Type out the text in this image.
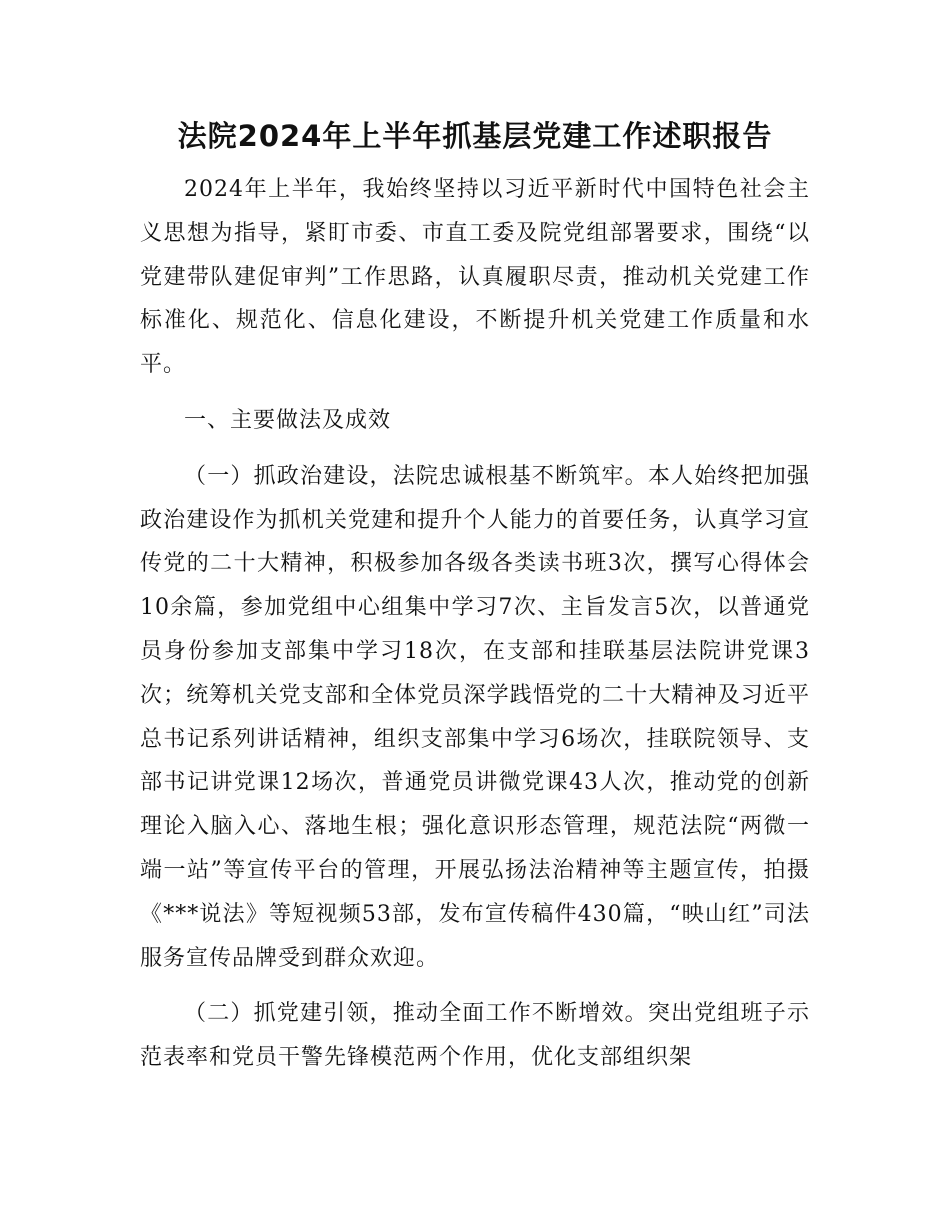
法院2024年上半年抓基层党建工作述职报告

2024年上半年，我始终坚持以习近平新时代中国特色社会主义思想为指导，紧盯市委、市直工委及院党组部署要求，围绕“以党建带队建促审判”工作思路，认真履职尽责，推动机关党建工作标准化、规范化、信息化建设，不断提升机关党建工作质量和水平。

一、主要做法及成效

（一）抓政治建设，法院忠诚根基不断筑牢。本人始终把加强政治建设作为抓机关党建和提升个人能力的首要任务，认真学习宣传党的二十大精神，积极参加各级各类读书班3次，撰写心得体会10余篇，参加党组中心组集中学习7次、主旨发言5次，以普通党员身份参加支部集中学习18次，在支部和挂联基层法院讲党课3次；统筹机关党支部和全体党员深学践悟党的二十大精神及习近平总书记系列讲话精神，组织支部集中学习6场次，挂联院领导、支部书记讲党课12场次，普通党员讲微党课43人次，推动党的创新理论入脑入心、落地生根；强化意识形态管理，规范法院“两微一端一站”等宣传平台的管理，开展弘扬法治精神等主题宣传，拍摄《***说法》等短视频53部，发布宣传稿件430篇，“映山红”司法服务宣传品牌受到群众欢迎。

（二）抓党建引领，推动全面工作不断增效。突出党组班子示范表率和党员干警先锋模范两个作用，优化支部组织架
